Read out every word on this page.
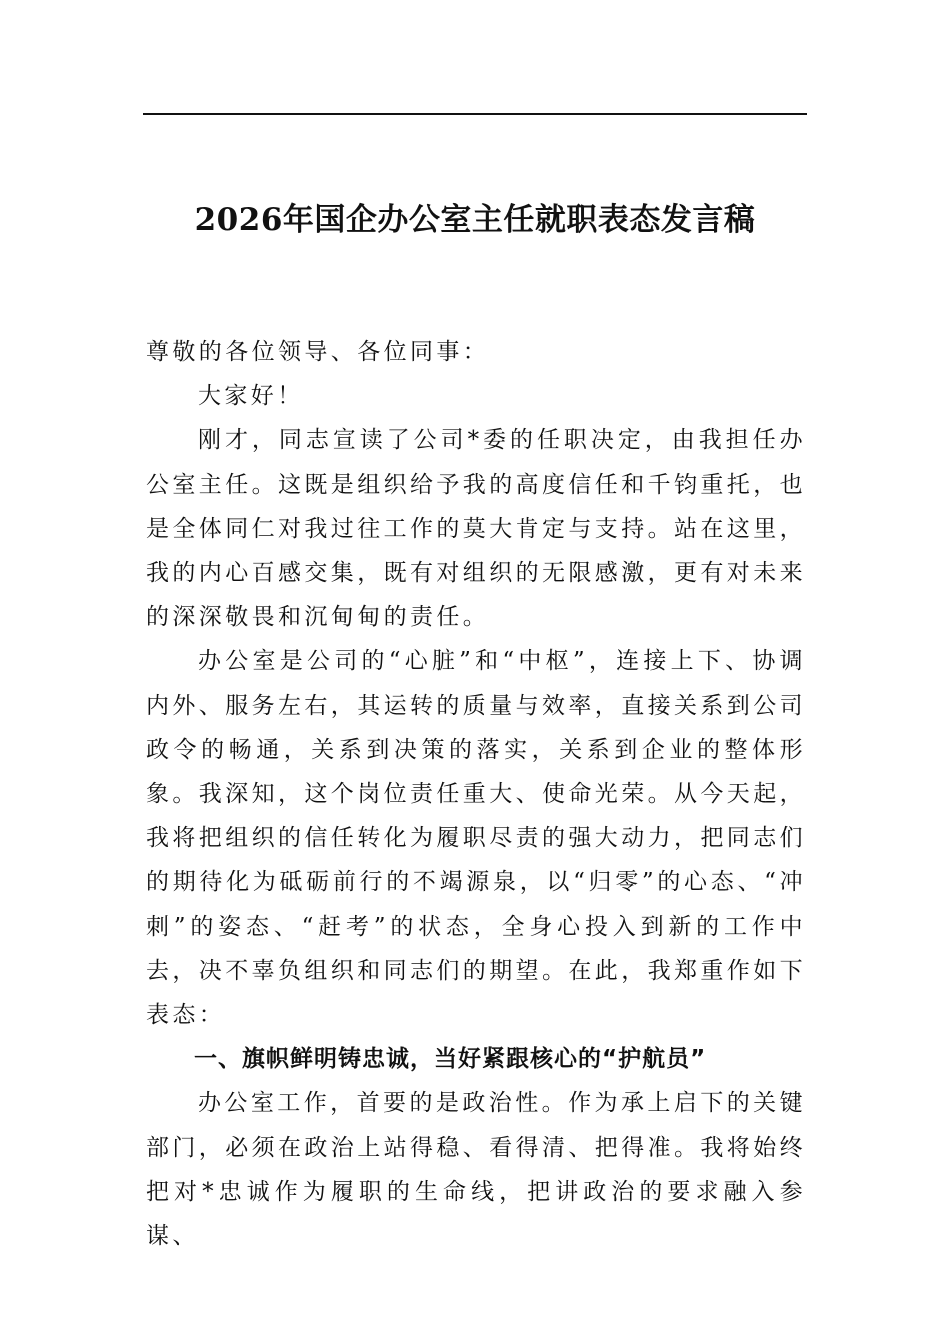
2026年国企办公室主任就职表态发言稿

尊敬的各位领导、各位同事：

大家好！

刚才，同志宣读了公司*委的任职决定，由我担任办公室主任。这既是组织给予我的高度信任和千钧重托，也是全体同仁对我过往工作的莫大肯定与支持。站在这里，我的内心百感交集，既有对组织的无限感激，更有对未来的深深敬畏和沉甸甸的责任。

办公室是公司的“心脏”和“中枢”，连接上下、协调内外、服务左右，其运转的质量与效率，直接关系到公司政令的畅通，关系到决策的落实，关系到企业的整体形象。我深知，这个岗位责任重大、使命光荣。从今天起，我将把组织的信任转化为履职尽责的强大动力，把同志们的期待化为砥砺前行的不竭源泉，以“归零”的心态、“冲刺”的姿态、“赶考”的状态，全身心投入到新的工作中去，决不辜负组织和同志们的期望。在此，我郑重作如下表态：

一、旗帜鲜明铸忠诚，当好紧跟核心的“护航员”

办公室工作，首要的是政治性。作为承上启下的关键部门，必须在政治上站得稳、看得清、把得准。我将始终把对*忠诚作为履职的生命线，把讲政治的要求融入参谋、
